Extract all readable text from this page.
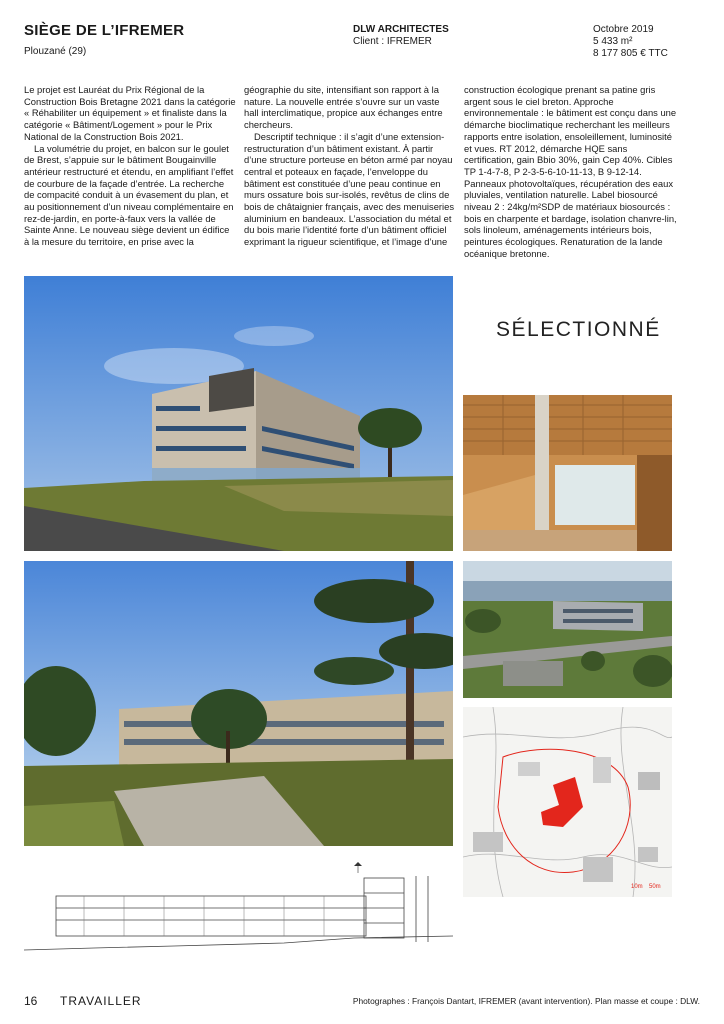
SIÈGE DE L’IFREMER
Plouzané (29)
DLW ARCHITECTES
Client : IFREMER
Octobre 2019
5 433 m²
8 177 805 € TTC

Le projet est Lauréat du Prix Régional de la Construction Bois Bretagne 2021 dans la catégorie « Réhabiliter un équipement » et finaliste dans la catégorie « Bâtiment/Logement » pour le Prix National de la Construction Bois 2021.

La volumétrie du projet, en balcon sur le goulet de Brest, s’appuie sur le bâtiment Bougainville antérieur restructuré et étendu, en amplifiant l’effet de courbure de la façade d’entrée. La recherche de compacité conduit à un évasement du plan, et au positionnement d’un niveau complémentaire en rez-de-jardin, en porte-à-faux vers la vallée de Sainte Anne. Le nouveau siège devient un édifice à la mesure du territoire, en prise avec la

géographie du site, intensifiant son rapport à la nature. La nouvelle entrée s’ouvre sur un vaste hall interclimatique, propice aux échanges entre chercheurs.

Descriptif technique : il s’agit d’une extension-restructuration d’un bâtiment existant. À partir d’une structure porteuse en béton armé par noyau central et poteaux en façade, l’enveloppe du bâtiment est constituée d’une peau continue en murs ossature bois sur-isolés, revêtus de clins de bois de châtaignier français, avec des menuiseries aluminium en bandeaux. L’association du métal et du bois marie l’identité forte d’un bâtiment officiel exprimant la rigueur scientifique, et l’image d’une

construction écologique prenant sa patine gris argent sous le ciel breton. Approche environnementale : le bâtiment est conçu dans une démarche bioclimatique recherchant les meilleurs rapports entre isolation, ensoleillement, luminosité et vues. RT 2012, démarche HQE sans certification, gain Bbio 30%, gain Cep 40%. Cibles TP 1-4-7-8, P 2-3-5-6-10-11-13, B 9-12-14. Panneaux photovoltaïques, récupération des eaux pluviales, ventilation naturelle. Label biosourcé niveau 2 : 24kg/m²SDP de matériaux biosourcés : bois en charpente et bardage, isolation chanvre-lin, sols linoleum, aménagements intérieurs bois, peintures écologiques. Renaturation de la lande océanique bretonne.

SÉLECTIONNÉ
10m 50m
16 TRAVAILLER	Photographes : François Dantart, IFREMER (avant intervention). Plan masse et coupe : DLW.
